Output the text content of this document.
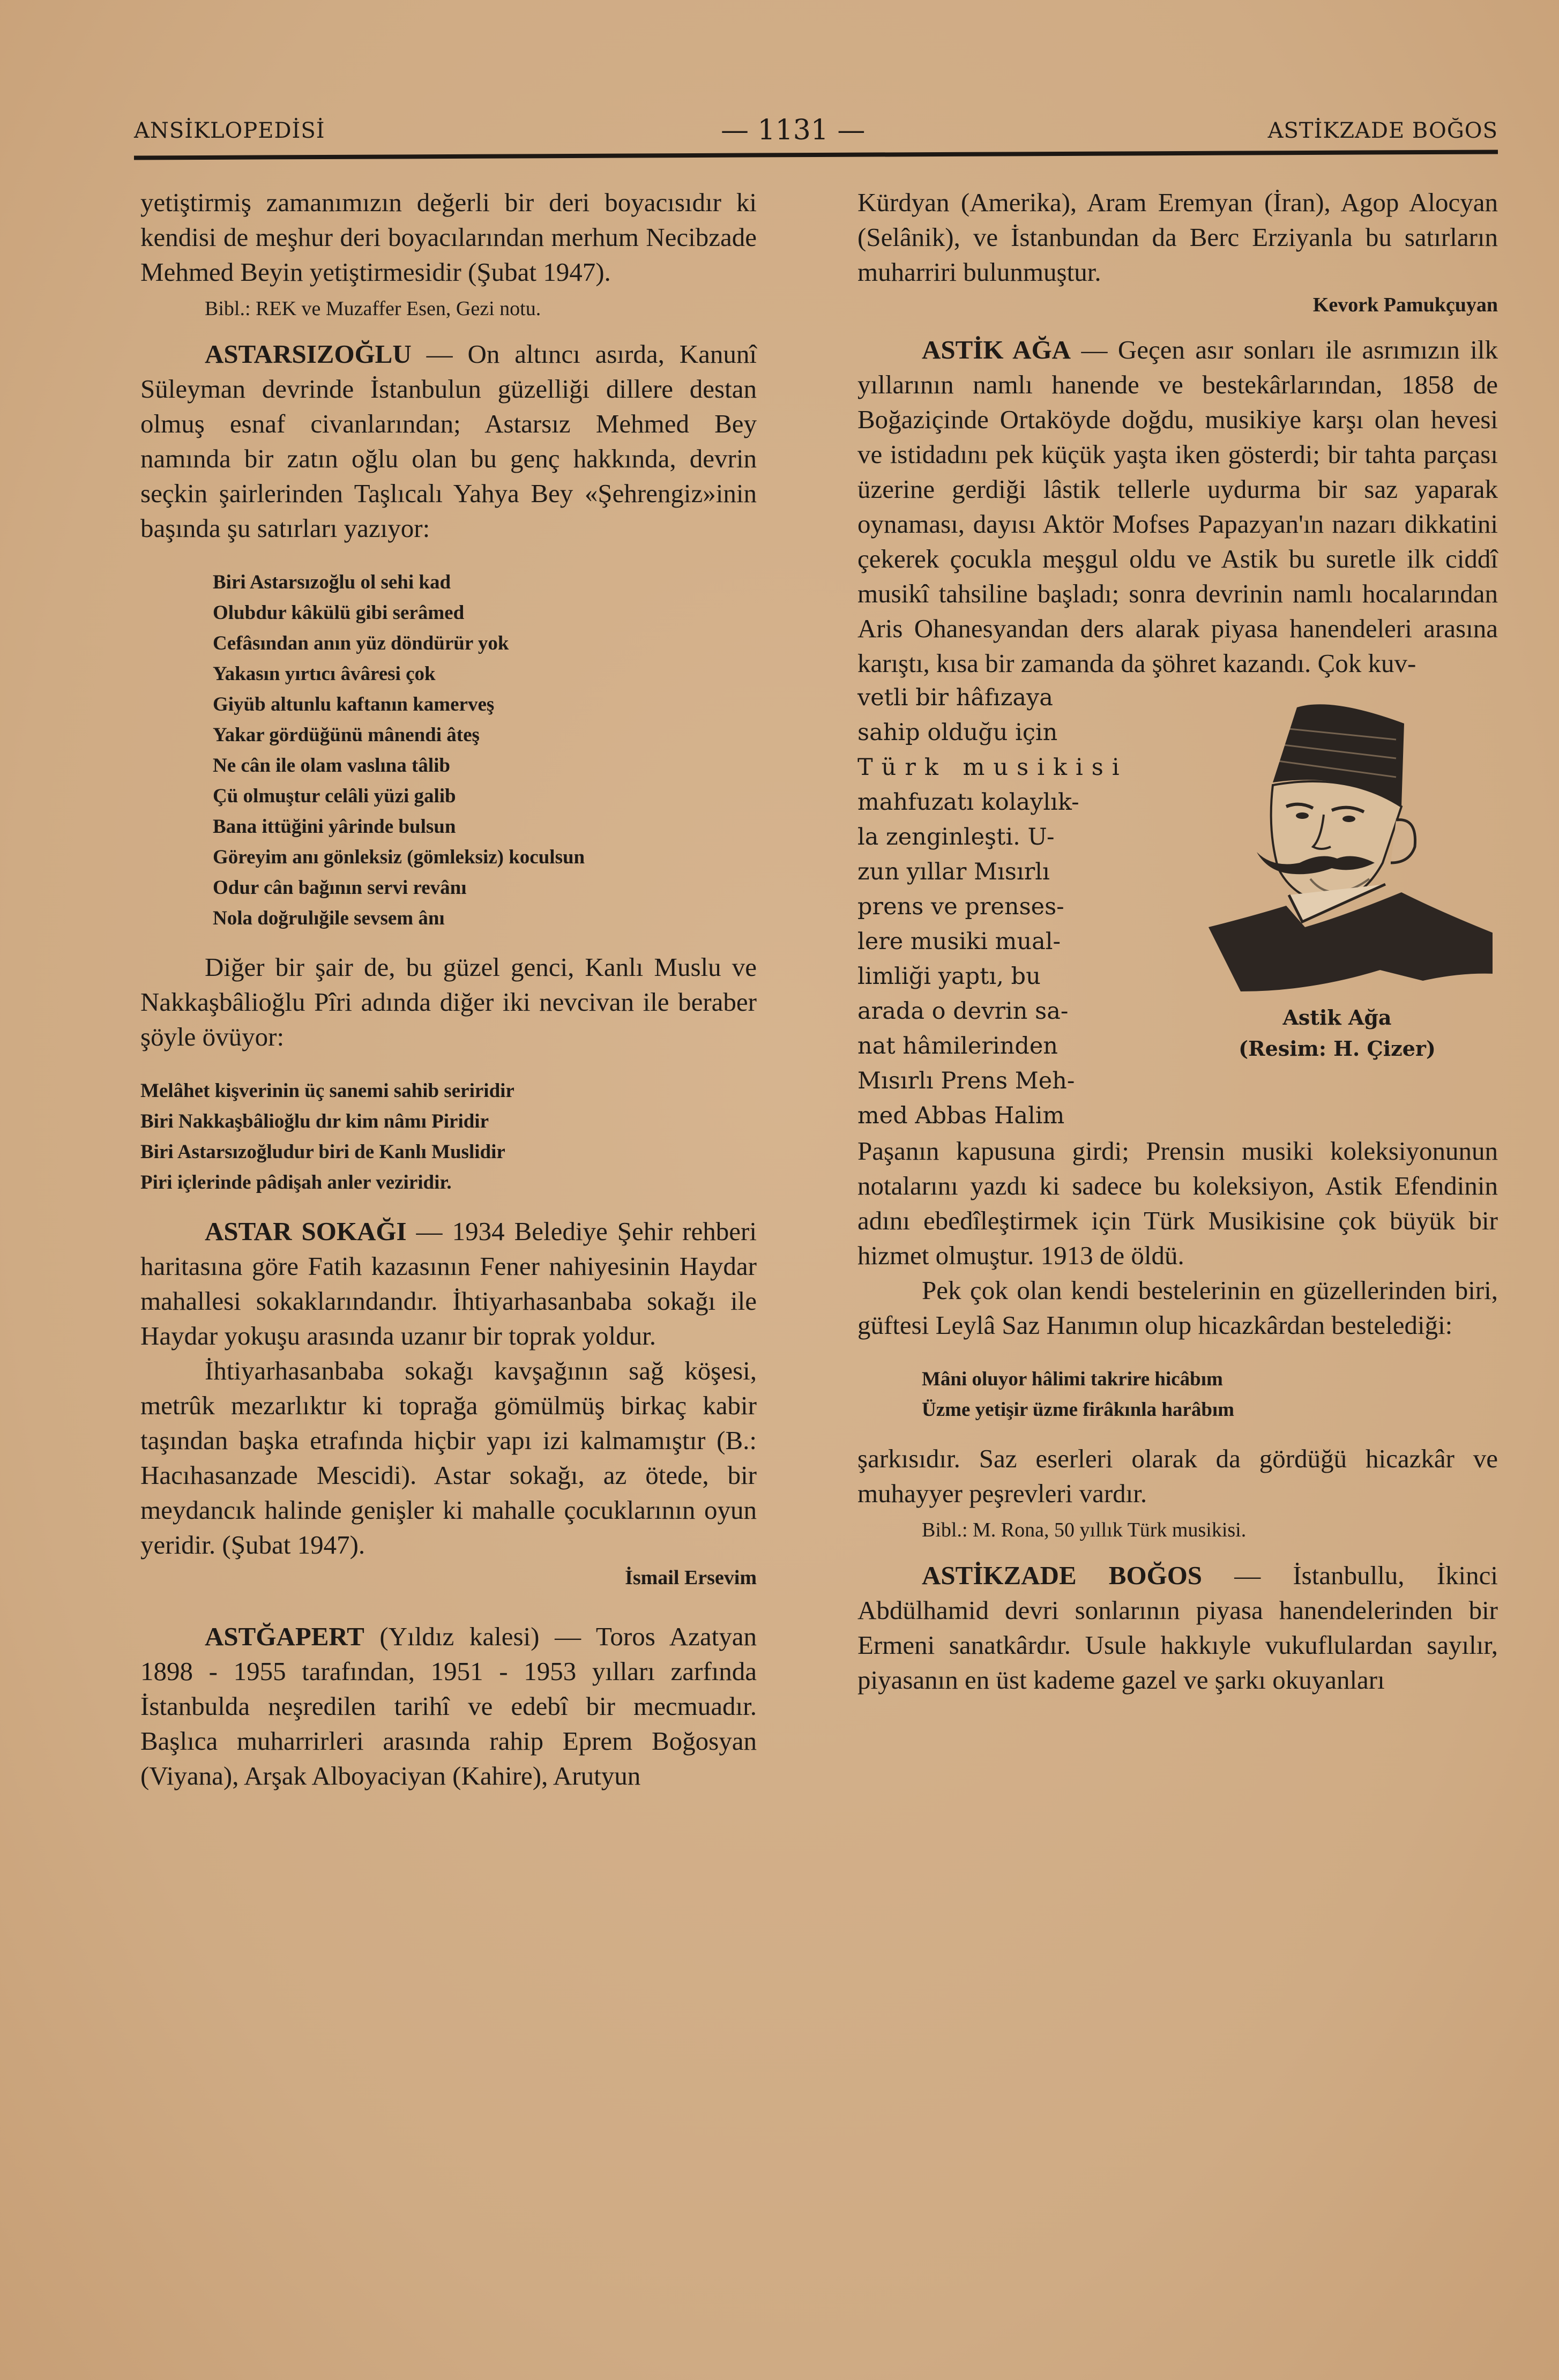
ANSİKLOPEDİSİ	— 1131 —	ASTİKZADE BOĞOS

yetiştirmiş zamanımızın değerli bir deri boyacısıdır ki kendisi de meşhur deri boyacılarından merhum Necibzade Mehmed Beyin yetiştirmesidir (Şubat 1947).

Bibl.: REK ve Muzaffer Esen, Gezi notu.

ASTARSIZOĞLU — On altıncı asırda, Kanunî Süleyman devrinde İstanbulun güzelliği dillere destan olmuş esnaf civanlarından; Astarsız Mehmed Bey namında bir zatın oğlu olan bu genç hakkında, devrin seçkin şairlerinden Taşlıcalı Yahya Bey «Şehrengiz»inin başında şu satırları yazıyor:

Biri Astarsızoğlu ol sehi kad
Olubdur kâkülü gibi serâmed
Cefâsından anın yüz döndürür yok
Yakasın yırtıcı âvâresi çok
Giyüb altunlu kaftanın kamerveş
Yakar gördüğünü mânendi âteş
Ne cân ile olam vaslına tâlib
Çü olmuştur celâli yüzi galib
Bana ittüğini yârinde bulsun
Göreyim anı gönleksiz (gömleksiz) koculsun
Odur cân bağının servi revânı
Nola doğrulığile sevsem ânı

Diğer bir şair de, bu güzel genci, Kanlı Muslu ve Nakkaşbâlioğlu Pîri adında diğer iki nevcivan ile beraber şöyle övüyor:

Melâhet kişverinin üç sanemi sahib seriridir
Biri Nakkaşbâlioğlu dır kim nâmı Piridir
Biri Astarsızoğludur biri de Kanlı Muslidir
Piri içlerinde pâdişah anler veziridir.

ASTAR SOKAĞI — 1934 Belediye Şehir rehberi haritasına göre Fatih kazasının Fener nahiyesinin Haydar mahallesi sokaklarındandır. İhtiyarhasanbaba sokağı ile Haydar yokuşu arasında uzanır bir toprak yoldur.

İhtiyarhasanbaba sokağı kavşağının sağ köşesi, metrûk mezarlıktır ki toprağa gömülmüş birkaç kabir taşından başka etrafında hiçbir yapı izi kalmamıştır (B.: Hacıhasanzade Mescidi). Astar sokağı, az ötede, bir meydancık halinde genişler ki mahalle çocuklarının oyun yeridir. (Şubat 1947).

İsmail Ersevim

ASTĞAPERT (Yıldız kalesi) — Toros Azatyan 1898 - 1955 tarafından, 1951 - 1953 yılları zarfında İstanbulda neşredilen tarihî ve edebî bir mecmuadır. Başlıca muharrirleri arasında rahip Eprem Boğosyan (Viyana), Arşak Alboyaciyan (Kahire), Arutyun

Kürdyan (Amerika), Aram Eremyan (İran), Agop Alocyan (Selânik), ve İstanbundan da Berc Erziyanla bu satırların muharriri bulunmuştur.

Kevork Pamukçuyan

ASTİK AĞA — Geçen asır sonları ile asrımızın ilk yıllarının namlı hanende ve bestekârlarından, 1858 de Boğaziçinde Ortaköyde doğdu, musikiye karşı olan hevesi ve istidadını pek küçük yaşta iken gösterdi; bir tahta parçası üzerine gerdiği lâstik tellerle uydurma bir saz yaparak oynaması, dayısı Aktör Mofses Papazyan'ın nazarı dikkatini çekerek çocukla meşgul oldu ve Astik bu suretle ilk ciddî musikî tahsiline başladı; sonra devrinin namlı hocalarından Aris Ohanesyandan ders alarak piyasa hanendeleri arasına karıştı, kısa bir zamanda da şöhret kazandı. Çok kuv-

vetli bir hâfızaya
sahip olduğu için
Türk musikisi
mahfuzatı kolaylık-
la zenginleşti. U-
zun yıllar Mısırlı
prens ve prenses-
lere musiki mual-
limliği yaptı, bu
arada o devrin sa-
nat hâmilerinden
Mısırlı Prens Meh-
med Abbas Halim
Astik Ağa
(Resim: H. Çizer)

Paşanın kapusuna girdi; Prensin musiki koleksiyonunun notalarını yazdı ki sadece bu koleksiyon, Astik Efendinin adını ebedîleştirmek için Türk Musikisine çok büyük bir hizmet olmuştur. 1913 de öldü.

Pek çok olan kendi bestelerinin en güzellerinden biri, güftesi Leylâ Saz Hanımın olup hicazkârdan bestelediği:

Mâni oluyor hâlimi takrire hicâbım
Üzme yetişir üzme firâkınla harâbım

şarkısıdır. Saz eserleri olarak da gördüğü hicazkâr ve muhayyer peşrevleri vardır.

Bibl.: M. Rona, 50 yıllık Türk musikisi.

ASTİKZADE BOĞOS — İstanbullu, İkinci Abdülhamid devri sonlarının piyasa hanendelerinden bir Ermeni sanatkârdır. Usule hakkıyle vukuflulardan sayılır, piyasanın en üst kademe gazel ve şarkı okuyanları
